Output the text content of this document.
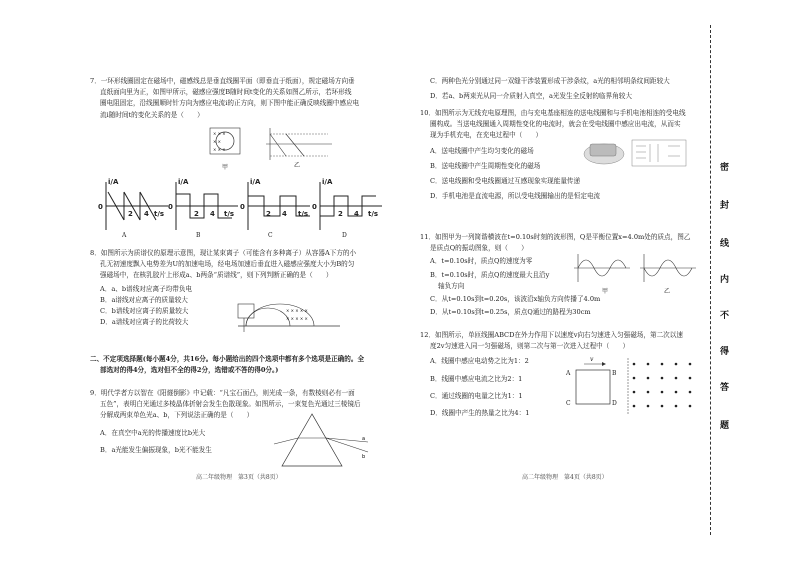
7．一环形线圈固定在磁场中，磁感线总是垂直线圈平面（即垂直于纸面），规定磁场方向垂

直纸面向里为正，如图甲所示，磁感应强度B随时间t变化的关系如图乙所示，若环形线

圈电阻固定，沿线圈顺时针方向为感应电流i的正方向，则下图中能正确反映线圈中感应电

流i随时间t的变化关系的是（　　）

× × ×
× ×
× × ×
甲	乙
i/A	i/A	i/A	i/A
0	0	0	0
2 4 t/s	2 4 t/s	2 4 t/s	2 4 t/s
A	B	C	D

8．如图所示为质谱仪的原理示意图，现让某束离子（可能含有多种离子）从容器A下方的小

孔无初速度飘入电势差为U的加速电场，经电场加速后垂直进入磁感应强度大小为B的匀

强磁场中，在核乳胶片上形成a、b两条“质谱线”，则下列判断正确的是（　　）

A．a、b谱线对应离子均带负电

B．a谱线对应离子的质量较大

C．b谱线对应离子的质量较大

D．a谱线对应离子的比荷较大

× × × × ×
× × × × ×

二、不定项选择题(每小题4分，共16分。每小题给出的四个选项中都有多个选项是正确的。全

部选对的得4分，选对但不全的得2分，选错或不答的得0分。)

9．明代学者方以智在《阳燧倒影》中记载：“凡宝石面凸，则光成一条，有数棱则必有一面

五色”，表明白光通过多棱晶体折射会发生色散现象。如图所示，一束复色光通过三棱镜后

分解成两束单色光a、b，下列说法正确的是（　　）

A．在真空中a光的传播速度比b光大

B．a光能发生偏振现象，b光不能发生

a
b
高二年级物理　第3页（共8页）

C．两种色光分别通过同一双缝干涉装置形成干涉条纹，a光的相邻明条纹间距较大

D．若a、b两束光从同一介质射入真空，a光发生全反射的临界角较大

10．如图所示为无线充电原理图，由与充电基座相连的送电线圈和与手机电池相连的受电线

圈构成。当送电线圈通入周期性变化的电流时，就会在受电线圈中感应出电流，从而实

现为手机充电，在充电过程中（　　）

A．送电线圈中产生均匀变化的磁场

B．送电线圈中产生周期性变化的磁场

C．送电线圈和受电线圈通过互感现象实现能量传递

D．手机电池是直流电源，所以受电线圈输出的是恒定电流

11．如图甲为一列简谐横波在t=0.10s时刻的波形图，Q是平衡位置x=4.0m处的质点，图乙

是质点Q的振动图象，则（　　）

A．t=0.10s时，质点Q的速度为零

B．t=0.10s时，质点Q的速度最大且沿y

轴负方向

C．从t=0.10s到t=0.20s，该波沿x轴负方向传播了4.0m

D．从t=0.10s到t=0.25s，质点Q通过的路程为30cm

甲	乙

12．如图所示，单匝线圈ABCD在外力作用下以速度v向右匀速进入匀强磁场，第二次以速

度2v匀速进入同一匀强磁场，则第二次与第一次进入过程中（　　）

A．线圈中感应电动势之比为1：2

B．线圈中感应电流之比为2：1

C．通过线圈的电量之比为1：1

D．线圈中产生的热量之比为4：1

A	B
C	D
v
高二年级物理　第4页（共8页）
密
封
线
内
不
得
答
题
